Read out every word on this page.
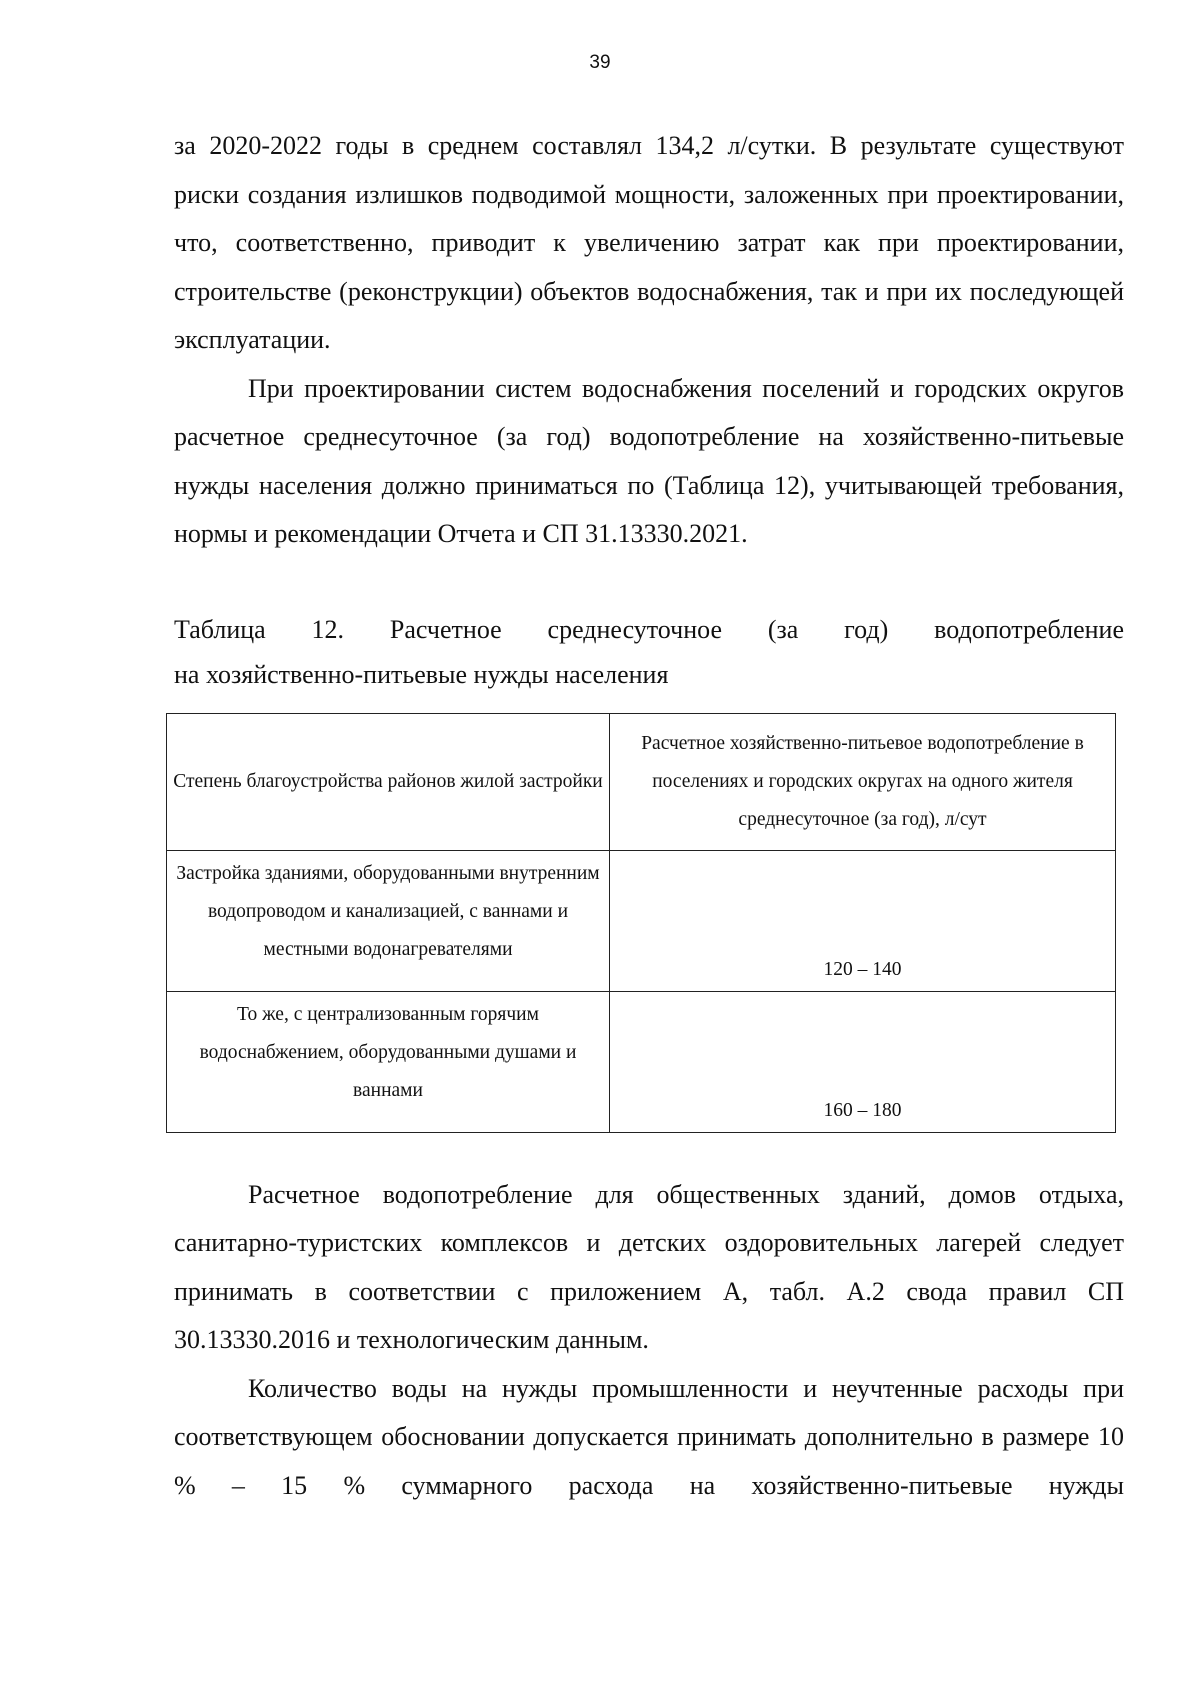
39

за 2020-2022 годы в среднем составлял 134,2 л/сутки. В результате существуют риски создания излишков подводимой мощности, заложенных при проектировании, что, соответственно, приводит к увеличению затрат как при проектировании, строительстве (реконструкции) объектов водоснабжения, так и при их последующей эксплуатации.

При проектировании систем водоснабжения поселений и городских округов расчетное среднесуточное (за год) водопотребление на хозяйственно-питьевые нужды населения должно приниматься по (Таблица 12), учитывающей требования, нормы и рекомендации Отчета и СП 31.13330.2021.

Таблица 12. Расчетное среднесуточное (за год) водопотребление
на хозяйственно-питьевые нужды населения
Степень благоустройства районов жилой застройки	Расчетное хозяйственно-питьевое водопотребление в поселениях и городских округах на одного жителя среднесуточное (за год), л/сут
Застройка зданиями, оборудованными внутренним водопроводом и канализацией, с ваннами и местными водонагревателями	120 – 140
То же, с централизованным горячим водоснабжением, оборудованными душами и ваннами	160 – 180

Расчетное водопотребление для общественных зданий, домов отдыха, санитарно-туристских комплексов и детских оздоровительных лагерей следует принимать в соответствии с приложением А, табл. А.2 свода правил СП 30.13330.2016 и технологическим данным.

Количество воды на нужды промышленности и неучтенные расходы при соответствующем обосновании допускается принимать дополнительно в размере 10 % – 15 % суммарного расхода на хозяйственно-питьевые нужды
